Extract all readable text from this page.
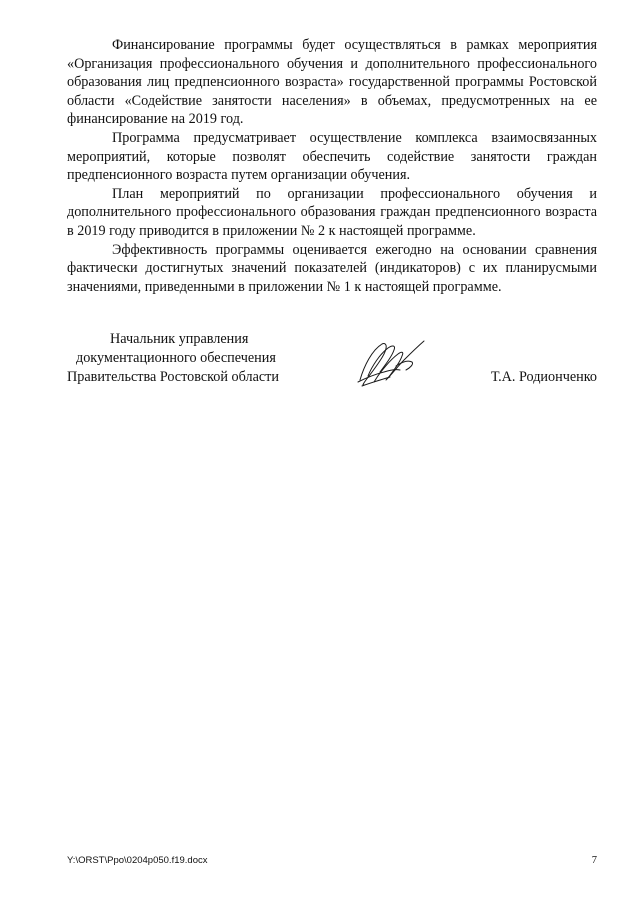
Финансирование программы будет осуществляться в рамках мероприятия «Организация профессионального обучения и дополнительного профессионального образования лиц предпенсионного возраста» государственной программы Ростовской области «Содействие занятости населения» в объемах, предусмотренных на ее финансирование на 2019 год.

Программа предусматривает осуществление комплекса взаимосвязанных мероприятий, которые позволят обеспечить содействие занятости граждан предпенсионного возраста путем организации обучения.

План мероприятий по организации профессионального обучения и дополнительного профессионального образования граждан предпенсионного возраста в 2019 году приводится в приложении № 2 к настоящей программе.

Эффективность программы оценивается ежегодно на основании сравнения фактически достигнутых значений показателей (индикаторов) с их планирусмыми значениями, приведенными в приложении № 1 к настоящей программе.

Начальник управления
документационного обеспечения
Правительства Ростовской области	Т.А. Родионченко
Y:\ORST\Ppo\0204p050.f19.docx	7
